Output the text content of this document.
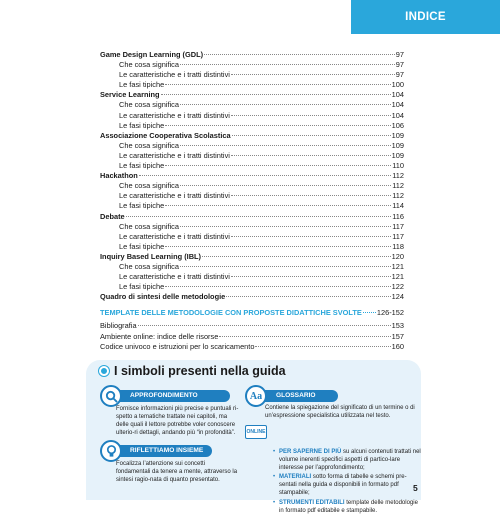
INDICE
Game Design Learning (GDL)	97
Che cosa significa	97
Le caratteristiche e i tratti distintivi	97
Le fasi tipiche	100
Service Learning	104
Che cosa significa	104
Le caratteristiche e i tratti distintivi	104
Le fasi tipiche	106
Associazione Cooperativa Scolastica	109
Che cosa significa	109
Le caratteristiche e i tratti distintivi	109
Le fasi tipiche	110
Hackathon	112
Che cosa significa	112
Le caratteristiche e i tratti distintivi	112
Le fasi tipiche	114
Debate	116
Che cosa significa	117
Le caratteristiche e i tratti distintivi	117
Le fasi tipiche	118
Inquiry Based Learning (IBL)	120
Che cosa significa	121
Le caratteristiche e i tratti distintivi	121
Le fasi tipiche	122
Quadro di sintesi delle metodologie	124
TEMPLATE DELLE METODOLOGIE CON PROPOSTE DIDATTICHE SVOLTE 126-152
Bibliografia	153
Ambiente online: indice delle risorse	157
Codice univoco e istruzioni per lo scaricamento	160
I simboli presenti nella guida
APPROFONDIMENTO
Fornisce informazioni più precise e puntuali ri-spetto a tematiche trattate nei capitoli, ma delle quali il lettore potrebbe voler conoscere ulterio-ri dettagli, andando più “in profondità”.
RIFLETTIAMO INSIEME
Focalizza l’attenzione sui concetti fondamentali da tenere a mente, attraverso la sintesi ragio-nata di quanto presentato.
GLOSSARIO
Aa
Contiene la spiegazione del significato di un termine o di un’espressione specialistica utilizzata nel testo.
ONLINE
• PER SAPERNE DI PIÙ su alcuni contenuti trattati nel volume inerenti specifici aspetti di partico-lare interesse per l’approfondimento;
• MATERIALI sotto forma di tabelle e schemi pre-sentati nella guida e disponibili in formato pdf stampabile;
• STRUMENTI EDITABILI template delle metodologie in formato pdf editabile e stampabile.
5
